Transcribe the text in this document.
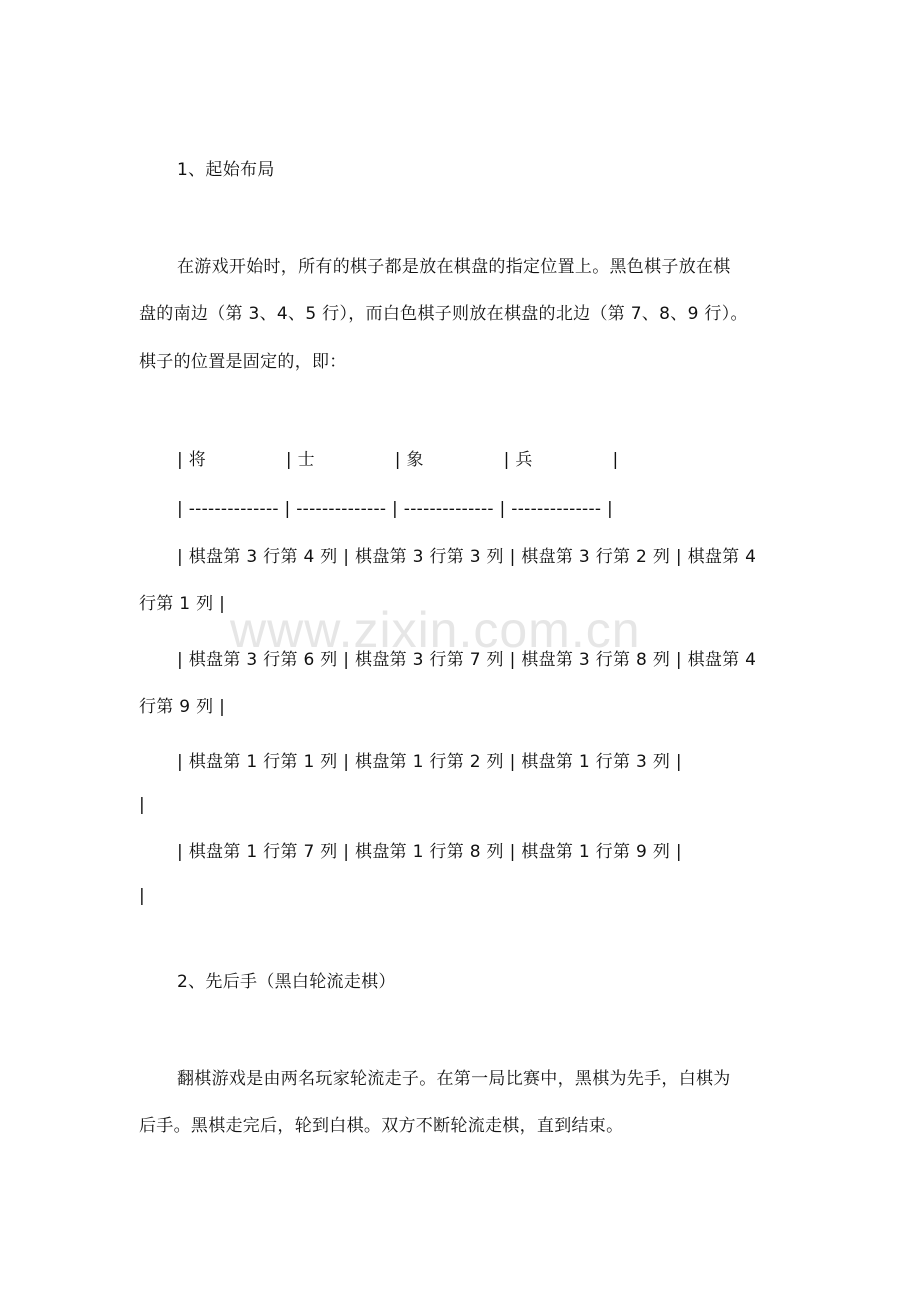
www.zixin.com.cn
1、起始布局
在游戏开始时，所有的棋子都是放在棋盘的指定位置上。黑色棋子放在棋
盘的南边（第 3、4、5 行），而白色棋子则放在棋盘的北边（第 7、8、9 行）。
棋子的位置是固定的，即：
| 将              | 士              | 象              | 兵              |
| -------------- | -------------- | -------------- | -------------- |
| 棋盘第 3 行第 4 列 | 棋盘第 3 行第 3 列 | 棋盘第 3 行第 2 列 | 棋盘第 4
行第 1 列 |
| 棋盘第 3 行第 6 列 | 棋盘第 3 行第 7 列 | 棋盘第 3 行第 8 列 | 棋盘第 4
行第 9 列 |
| 棋盘第 1 行第 1 列 | 棋盘第 1 行第 2 列 | 棋盘第 1 行第 3 列 |
|
| 棋盘第 1 行第 7 列 | 棋盘第 1 行第 8 列 | 棋盘第 1 行第 9 列 |
|
2、先后手（黑白轮流走棋）
翻棋游戏是由两名玩家轮流走子。在第一局比赛中，黑棋为先手，白棋为
后手。黑棋走完后，轮到白棋。双方不断轮流走棋，直到结束。
